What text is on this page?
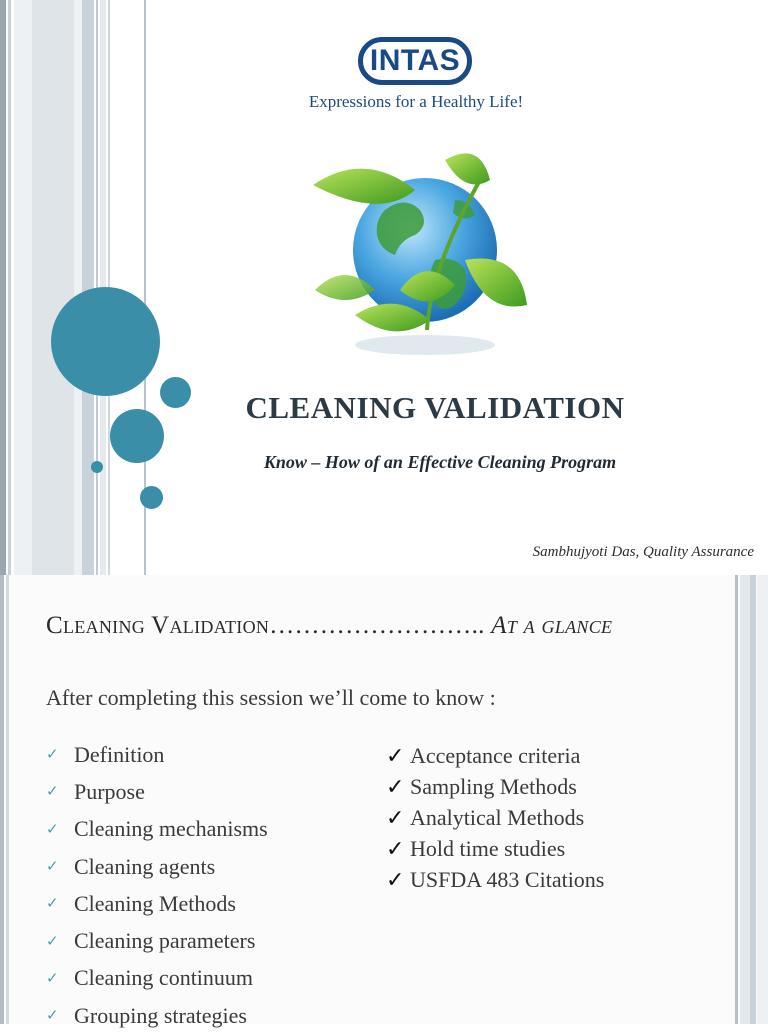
INTAS
Expressions for a Healthy Life!
CLEANING VALIDATION
Know – How of an Effective Cleaning Program
Sambhujyoti Das, Quality Assurance
Cleaning Validation…………………….. At a glance
After completing this session we’ll come to know :
✓ Definition
✓ Purpose
✓ Cleaning mechanisms
✓ Cleaning agents
✓ Cleaning Methods
✓ Cleaning parameters
✓ Cleaning continuum
✓ Grouping strategies
✓ Acceptance criteria
✓ Sampling Methods
✓ Analytical Methods
✓ Hold time studies
✓ USFDA 483 Citations
